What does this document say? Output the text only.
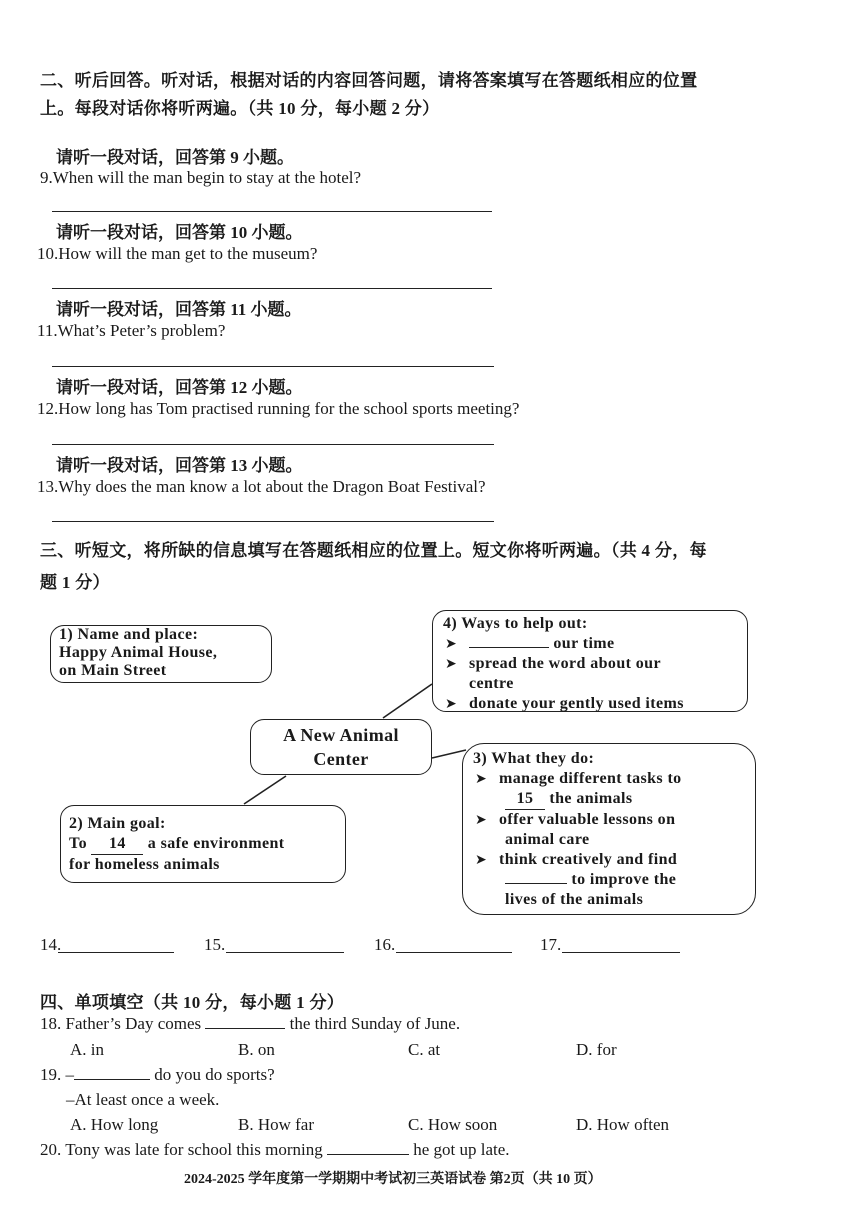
二、听后回答。听对话，根据对话的内容回答问题，请将答案填写在答题纸相应的位置
上。每段对话你将听两遍。（共 10 分，每小题 2 分）
请听一段对话，回答第 9 小题。
9.When will the man begin to stay at the hotel?
请听一段对话，回答第 10 小题。
10.How will the man get to the museum?
请听一段对话，回答第 11 小题。
11.What’s Peter’s problem?
请听一段对话，回答第 12 小题。
12.How long has Tom practised running for the school sports meeting?
请听一段对话，回答第 13 小题。
13.Why does the man know a lot about the Dragon Boat Festival?
三、听短文，将所缺的信息填写在答题纸相应的位置上。短文你将听两遍。（共 4 分，每
题 1 分）
1) Name and place:
Happy Animal House,
on Main Street
A New Animal
Center
2) Main goal:
To 14 a safe environment
for homeless animals
4) Ways to help out:
➤ our time
➤ spread the word about our
centre
➤ donate your gently used items
3) What they do:
➤ manage different tasks to
15 the animals
➤ offer valuable lessons on
animal care
➤ think creatively and find
to improve the
lives of the animals
14.	15.	16.	17.
四、单项填空（共 10 分，每小题 1 分）
18. Father’s Day comes	the third Sunday of June.
A. in	B. on	C. at	D. for
19. –	do you do sports?
–At least once a week.
A. How long	B. How far	C. How soon	D. How often
20. Tony was late for school this morning	he got up late.
2024-2025 学年度第一学期期中考试初三英语试卷 第2页（共 10 页）
